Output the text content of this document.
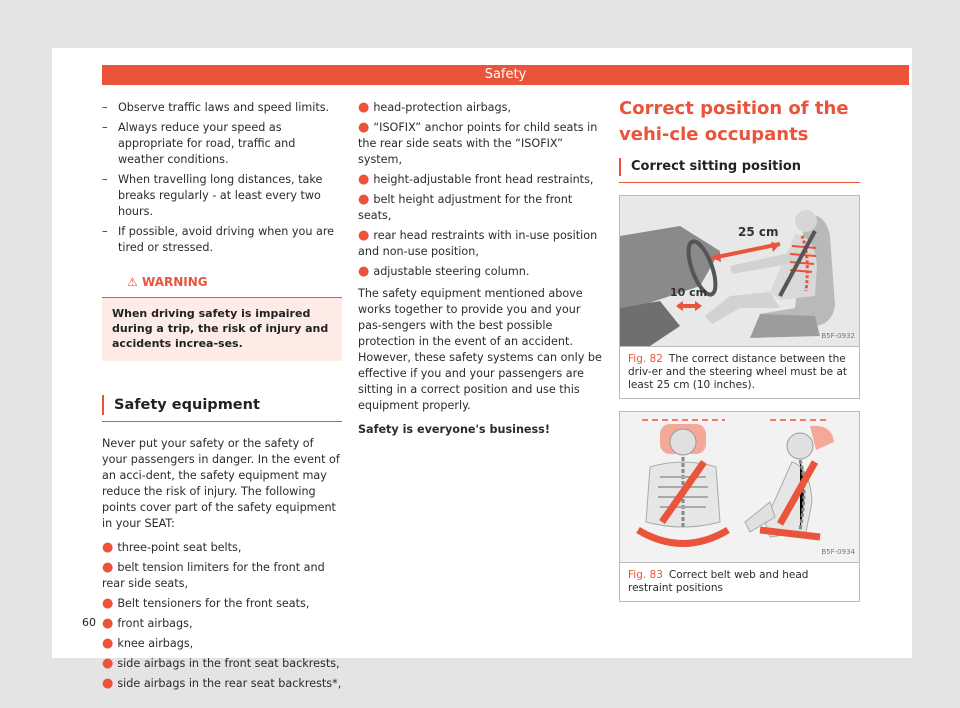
Safety
– Observe traffic laws and speed limits.
– Always reduce your speed as appropriate for road, traffic and weather conditions.
– When travelling long distances, take breaks regularly - at least every two hours.
– If possible, avoid driving when you are tired or stressed.
⚠ WARNING
When driving safety is impaired during a trip, the risk of injury and accidents increa-ses.
Safety equipment
Never put your safety or the safety of your passengers in danger. In the event of an acci-dent, the safety equipment may reduce the risk of injury. The following points cover part of the safety equipment in your SEAT:
● three-point seat belts,
● belt tension limiters for the front and rear side seats,
● Belt tensioners for the front seats,
● front airbags,
● knee airbags,
● side airbags in the front seat backrests,
● side airbags in the rear seat backrests*,
● head-protection airbags,
● “ISOFIX” anchor points for child seats in the rear side seats with the “ISOFIX” system,
● height-adjustable front head restraints,
● belt height adjustment for the front seats,
● rear head restraints with in-use position and non-use position,
● adjustable steering column.
The safety equipment mentioned above works together to provide you and your pas-sengers with the best possible protection in the event of an accident. However, these safety systems can only be effective if you and your passengers are sitting in a correct position and use this equipment properly.
Safety is everyone's business!
Correct position of the vehi-cle occupants
Correct sitting position
25 cm
10 cm
B5F-0932
Fig. 82 The correct distance between the driv-er and the steering wheel must be at least 25 cm (10 inches).
B5F-0934
Fig. 83 Correct belt web and head restraint positions
60
